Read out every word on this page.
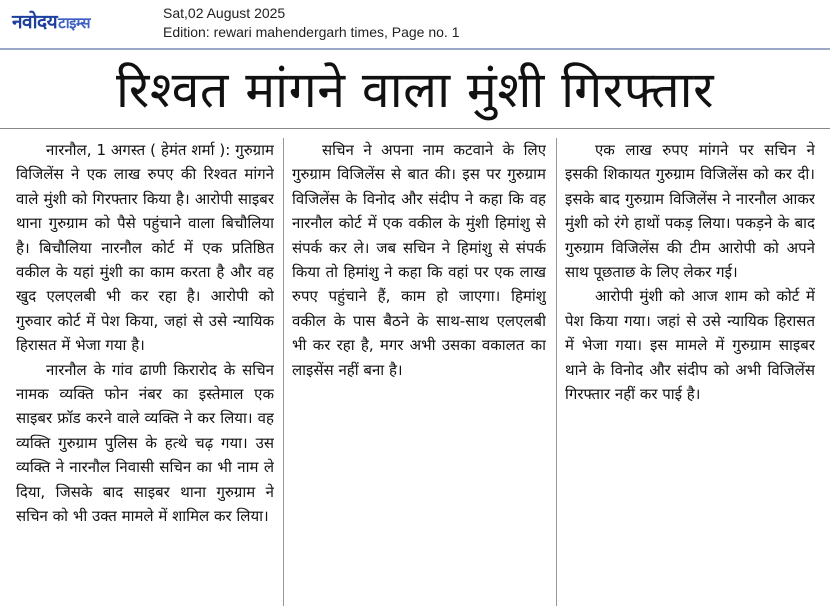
नवोदयटाइम्स
Sat,02 August 2025
Edition: rewari mahendergarh times, Page no. 1
रिश्वत मांगने वाला मुंशी गिरफ्तार

नारनौल, 1 अगस्त ( हेमंत शर्मा ): गुरुग्राम विजिलेंस ने एक लाख रुपए की रिश्वत मांगने वाले मुंशी को गिरफ्तार किया है। आरोपी साइबर थाना गुरुग्राम को पैसे पहुंचाने वाला बिचौलिया है। बिचौलिया नारनौल कोर्ट में एक प्रतिष्ठित वकील के यहां मुंशी का काम करता है और वह खुद एलएलबी भी कर रहा है। आरोपी को गुरुवार कोर्ट में पेश किया, जहां से उसे न्यायिक हिरासत में भेजा गया है।

नारनौल के गांव ढाणी किरारोद के सचिन नामक व्यक्ति फोन नंबर का इस्तेमाल एक साइबर फ्रॉड करने वाले व्यक्ति ने कर लिया। वह व्यक्ति गुरुग्राम पुलिस के हत्थे चढ़ गया। उस व्यक्ति ने नारनौल निवासी सचिन का भी नाम ले दिया, जिसके बाद साइबर थाना गुरुग्राम ने सचिन को भी उक्त मामले में शामिल कर लिया।

सचिन ने अपना नाम कटवाने के लिए गुरुग्राम विजिलेंस से बात की। इस पर गुरुग्राम विजिलेंस के विनोद और संदीप ने कहा कि वह नारनौल कोर्ट में एक वकील के मुंशी हिमांशु से संपर्क कर ले। जब सचिन ने हिमांशु से संपर्क किया तो हिमांशु ने कहा कि वहां पर एक लाख रुपए पहुंचाने हैं, काम हो जाएगा। हिमांशु वकील के पास बैठने के साथ-साथ एलएलबी भी कर रहा है, मगर अभी उसका वकालत का लाइसेंस नहीं बना है।

एक लाख रुपए मांगने पर सचिन ने इसकी शिकायत गुरुग्राम विजिलेंस को कर दी। इसके बाद गुरुग्राम विजिलेंस ने नारनौल आकर मुंशी को रंगे हाथों पकड़ लिया। पकड़ने के बाद गुरुग्राम विजिलेंस की टीम आरोपी को अपने साथ पूछताछ के लिए लेकर गई।

आरोपी मुंशी को आज शाम को कोर्ट में पेश किया गया। जहां से उसे न्यायिक हिरासत में भेजा गया। इस मामले में गुरुग्राम साइबर थाने के विनोद और संदीप को अभी विजिलेंस गिरफ्तार नहीं कर पाई है।
